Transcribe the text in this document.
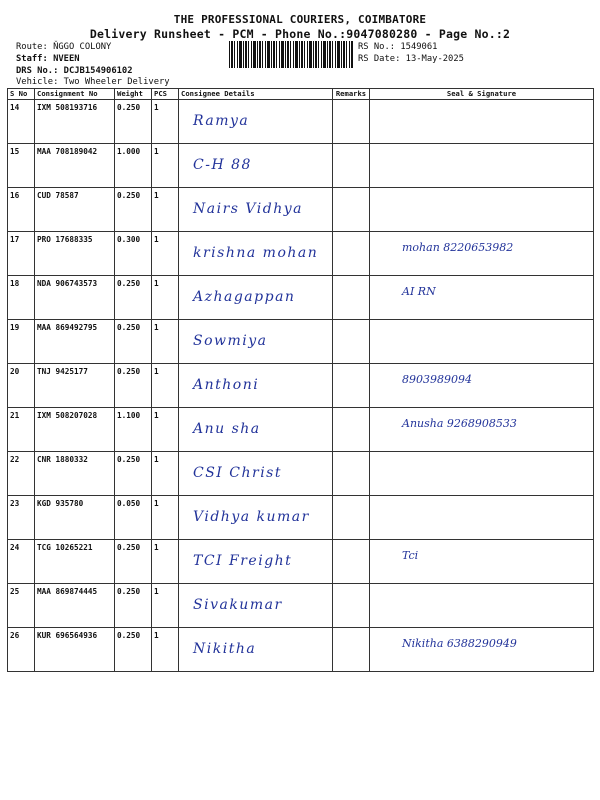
THE PROFESSIONAL COURIERS, COIMBATORE
Delivery Runsheet - PCM - Phone No.:9047080280 - Page No.:2
Route: ŇGGO COLONY
Staff: NVEEN
DRS No.: DCJB154906102
Vehicle: Two Wheeler Delivery
RS No.: 1549061
RS Date: 13-May-2025
S No	Consignment No	Weight	PCS	Consignee Details	Remarks	Seal & Signature
14	IXM 508193716	0.250	1	Ramya		

15	MAA 708189042	1.000	1	C-H 88		

16	CUD 78587	0.250	1	Nairs Vidhya		

17	PRO 17688335	0.300	1	krishna mohan		mohan 8220653982

18	NDA 906743573	0.250	1	Azhagappan		AI RN

19	MAA 869492795	0.250	1	Sowmiya		

20	TNJ 9425177	0.250	1	Anthoni		8903989094

21	IXM 508207028	1.100	1	Anu sha		Anusha 9268908533

22	CNR 1880332	0.250	1	CSI Christ		

23	KGD 935780	0.050	1	Vidhya kumar		

24	TCG 10265221	0.250	1	TCI Freight		Tci

25	MAA 869874445	0.250	1	Sivakumar		

26	KUR 696564936	0.250	1	Nikitha		Nikitha 6388290949
